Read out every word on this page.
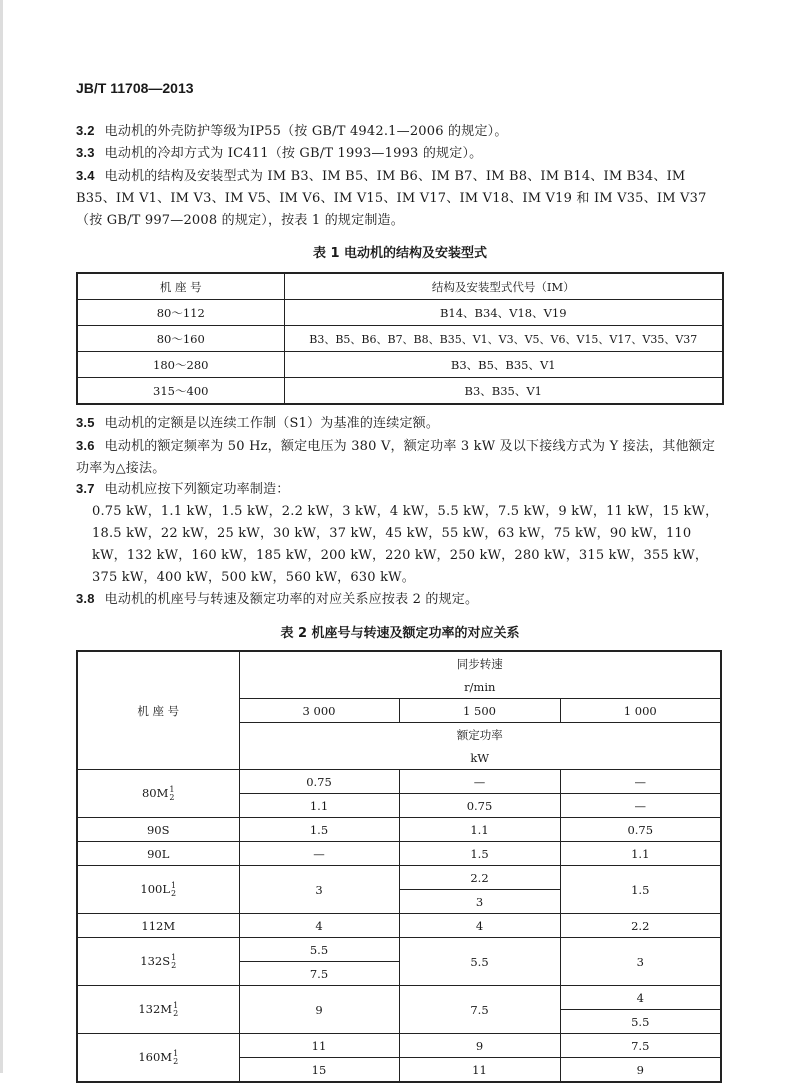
JB/T 11708—2013
3.2 电动机的外壳防护等级为IP55（按 GB/T 4942.1—2006 的规定）。
3.3 电动机的冷却方式为 IC411（按 GB/T 1993—1993 的规定）。
3.4 电动机的结构及安装型式为 IM B3、IM B5、IM B6、IM B7、IM B8、IM B14、IM B34、IM B35、IM V1、IM V3、IM V5、IM V6、IM V15、IM V17、IM V18、IM V19 和 IM V35、IM V37（按 GB/T 997—2008 的规定），按表 1 的规定制造。
表 1 电动机的结构及安装型式
机 座 号	结构及安装型式代号（IM）
80～112	B14、B34、V18、V19
80～160	B3、B5、B6、B7、B8、B35、V1、V3、V5、V6、V15、V17、V35、V37
180～280	B3、B5、B35、V1
315～400	B3、B35、V1
3.5 电动机的定额是以连续工作制（S1）为基准的连续定额。
3.6 电动机的额定频率为 50 Hz，额定电压为 380 V，额定功率 3 kW 及以下接线方式为 Y 接法，其他额定功率为△接法。
3.7 电动机应按下列额定功率制造：
0.75 kW，1.1 kW，1.5 kW，2.2 kW，3 kW，4 kW，5.5 kW，7.5 kW，9 kW，11 kW，15 kW，18.5 kW，22 kW，25 kW，30 kW，37 kW，45 kW，55 kW，63 kW，75 kW，90 kW，110 kW，132 kW，160 kW，185 kW，200 kW，220 kW，250 kW，280 kW，315 kW，355 kW，375 kW，400 kW，500 kW，560 kW，630 kW。
3.8 电动机的机座号与转速及额定功率的对应关系应按表 2 的规定。
表 2 机座号与转速及额定功率的对应关系
机 座 号	同步转速		
	r/min		
	3 000	1 500	1 000
	额定功率		
	kW		
80M1
2	0.75	—	—
	1.1	0.75	—
90S	1.5	1.1	0.75
90L	—	1.5	1.1
100L1
2	3	2.2	1.5
		3	
112M	4	4	2.2
132S1
2	5.5	5.5	3
	7.5		
132M1
2	9	7.5	4
			5.5
160M1
2	11	9	7.5
	15	11	9
